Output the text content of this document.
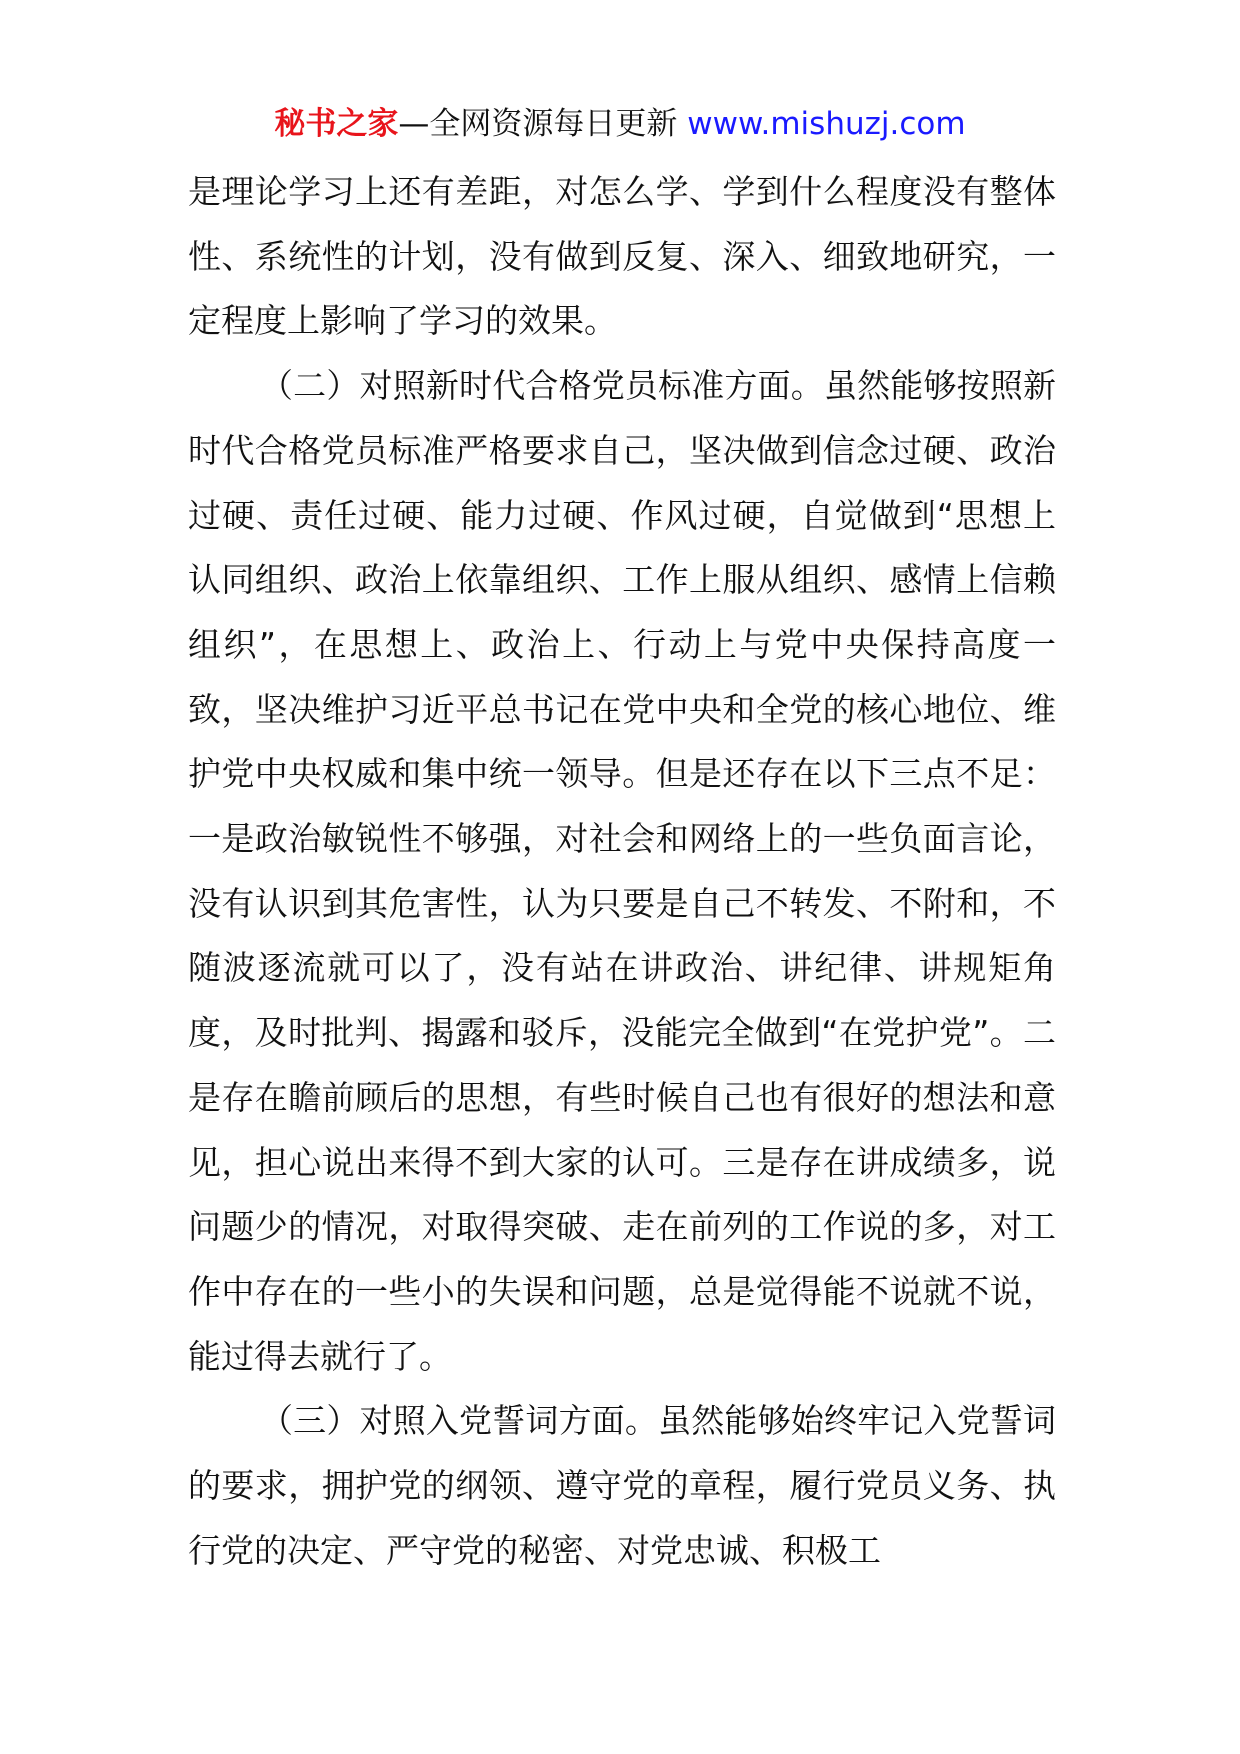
秘书之家—全网资源每日更新 www.mishuzj.com

是理论学习上还有差距，对怎么学、学到什么程度没有整体性、系统性的计划，没有做到反复、深入、细致地研究，一定程度上影响了学习的效果。

（二）对照新时代合格党员标准方面。虽然能够按照新时代合格党员标准严格要求自己，坚决做到信念过硬、政治过硬、责任过硬、能力过硬、作风过硬，自觉做到“思想上认同组织、政治上依靠组织、工作上服从组织、感情上信赖组织”，在思想上、政治上、行动上与党中央保持高度一致，坚决维护习近平总书记在党中央和全党的核心地位、维护党中央权威和集中统一领导。但是还存在以下三点不足：一是政治敏锐性不够强，对社会和网络上的一些负面言论，没有认识到其危害性，认为只要是自己不转发、不附和，不随波逐流就可以了，没有站在讲政治、讲纪律、讲规矩角度，及时批判、揭露和驳斥，没能完全做到“在党护党”。二是存在瞻前顾后的思想，有些时候自己也有很好的想法和意见，担心说出来得不到大家的认可。三是存在讲成绩多，说问题少的情况，对取得突破、走在前列的工作说的多，对工作中存在的一些小的失误和问题，总是觉得能不说就不说，能过得去就行了。

（三）对照入党誓词方面。虽然能够始终牢记入党誓词的要求，拥护党的纲领、遵守党的章程，履行党员义务、执行党的决定、严守党的秘密、对党忠诚、积极工
